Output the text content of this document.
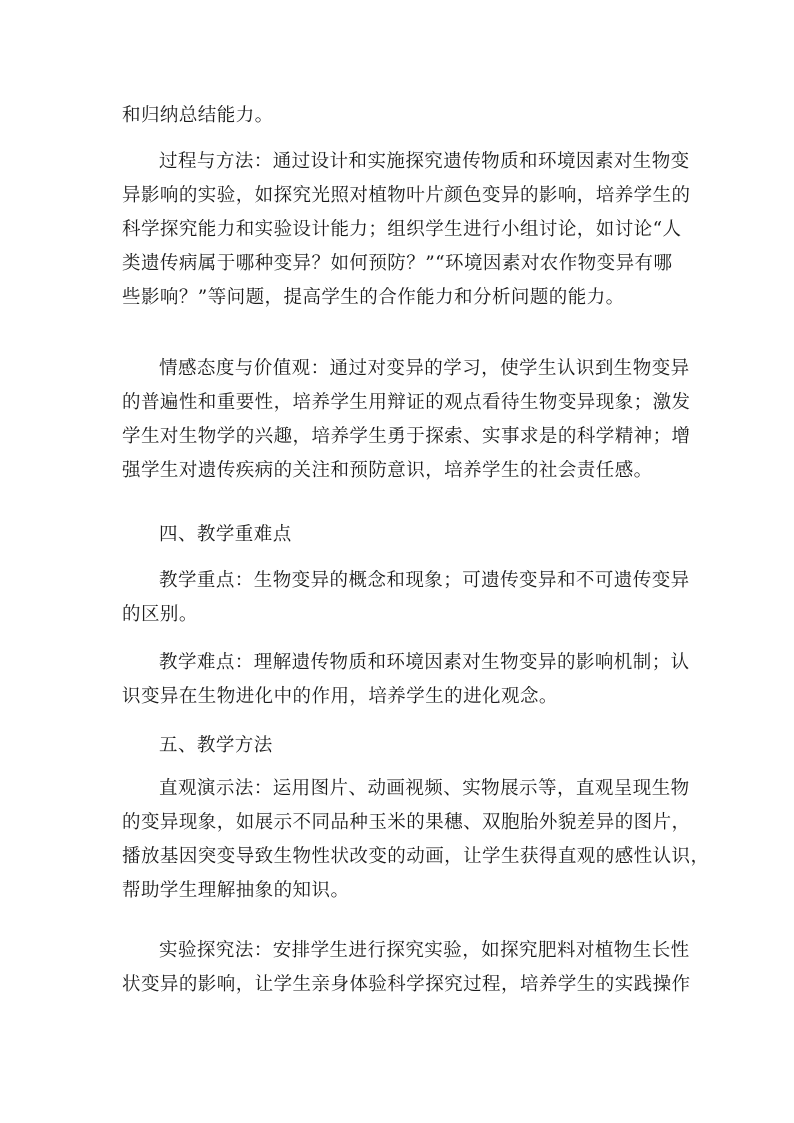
和归纳总结能力。

过程与方法：通过设计和实施探究遗传物质和环境因素对生物变
异影响的实验，如探究光照对植物叶片颜色变异的影响，培养学生的
科学探究能力和实验设计能力；组织学生进行小组讨论，如讨论“人
类遗传病属于哪种变异？如何预防？”“环境因素对农作物变异有哪
些影响？”等问题，提高学生的合作能力和分析问题的能力。

情感态度与价值观：通过对变异的学习，使学生认识到生物变异
的普遍性和重要性，培养学生用辩证的观点看待生物变异现象；激发
学生对生物学的兴趣，培养学生勇于探索、实事求是的科学精神；增
强学生对遗传疾病的关注和预防意识，培养学生的社会责任感。

四、教学重难点

教学重点：生物变异的概念和现象；可遗传变异和不可遗传变异
的区别。

教学难点：理解遗传物质和环境因素对生物变异的影响机制；认
识变异在生物进化中的作用，培养学生的进化观念。

五、教学方法

直观演示法：运用图片、动画视频、实物展示等，直观呈现生物
的变异现象，如展示不同品种玉米的果穗、双胞胎外貌差异的图片，
播放基因突变导致生物性状改变的动画，让学生获得直观的感性认识，
帮助学生理解抽象的知识。

实验探究法：安排学生进行探究实验，如探究肥料对植物生长性
状变异的影响，让学生亲身体验科学探究过程，培养学生的实践操作
